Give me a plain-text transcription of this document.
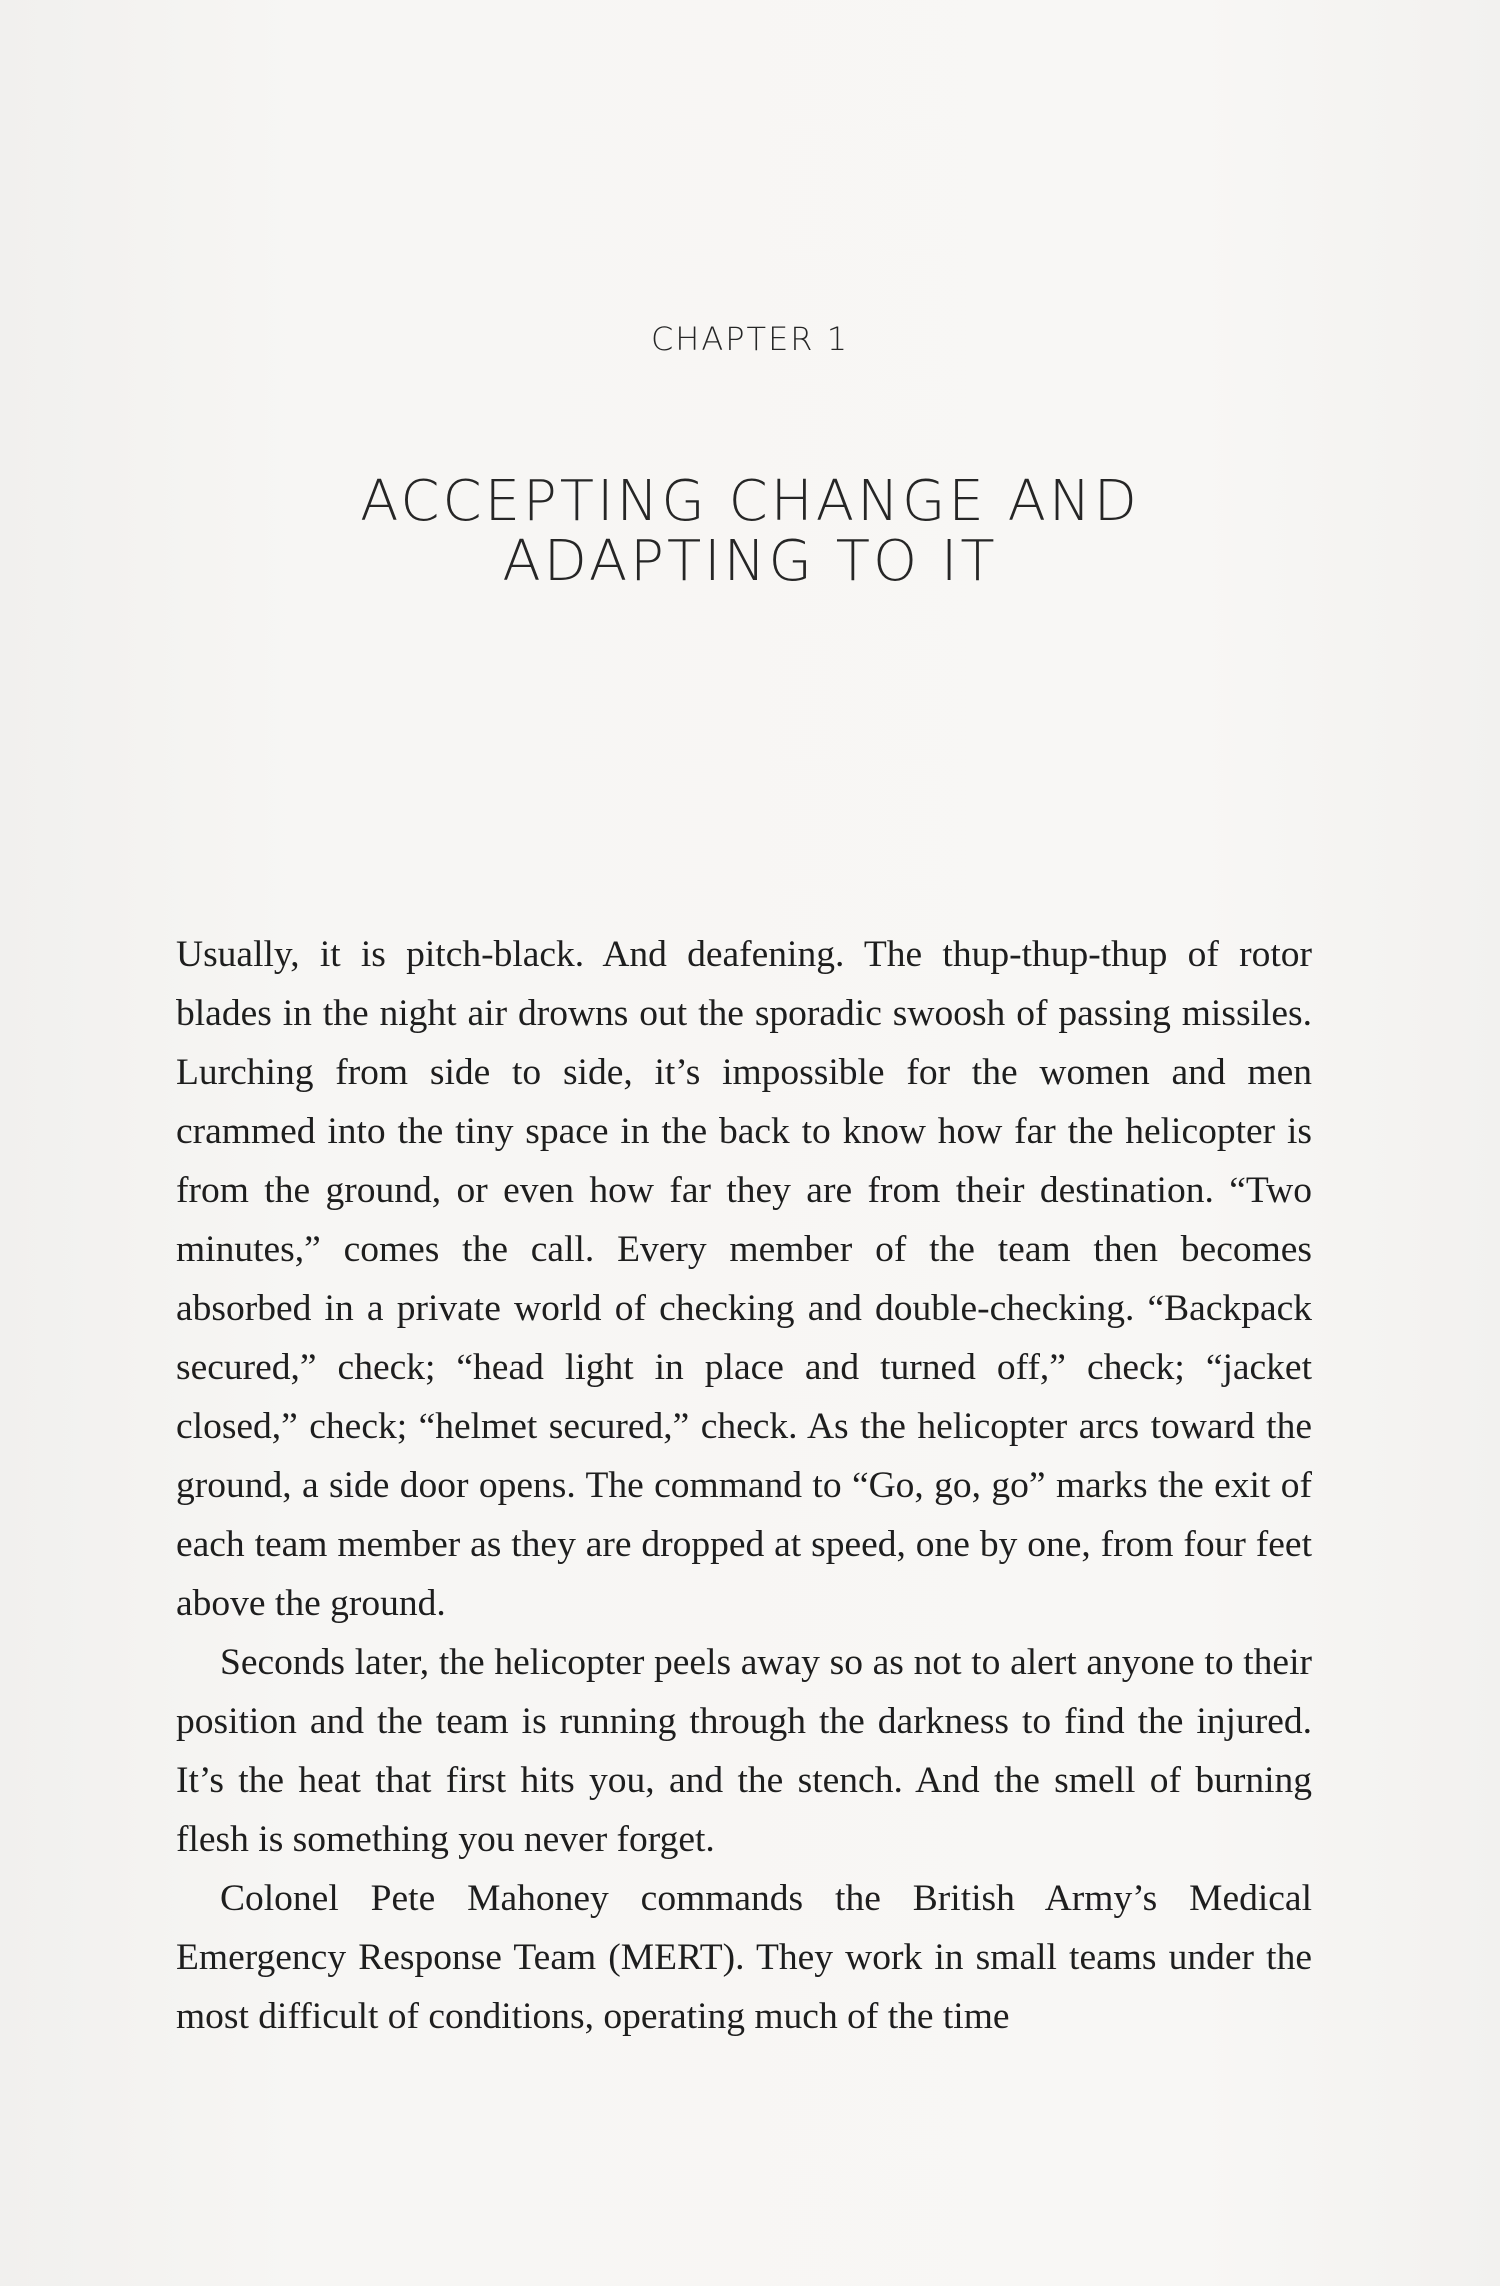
CHAPTER 1
ACCEPTING CHANGE AND
ADAPTING TO IT

Usually, it is pitch-black. And deafening. The thup-thup-thup of rotor blades in the night air drowns out the sporadic swoosh of passing missiles. Lurching from side to side, it’s impossible for the women and men crammed into the tiny space in the back to know how far the helicopter is from the ground, or even how far they are from their destination. “Two minutes,” comes the call. Every member of the team then becomes absorbed in a private world of checking and double-checking. “Backpack secured,” check; “head light in place and turned off,” check; “jacket closed,” check; “helmet secured,” check. As the helicopter arcs toward the ground, a side door opens. The command to “Go, go, go” marks the exit of each team member as they are dropped at speed, one by one, from four feet above the ground.

Seconds later, the helicopter peels away so as not to alert anyone to their position and the team is running through the darkness to find the injured. It’s the heat that first hits you, and the stench. And the smell of burning flesh is something you never forget.

Colonel Pete Mahoney commands the British Army’s Medical Emergency Response Team (MERT). They work in small teams under the most difficult of conditions, operating much of the time
